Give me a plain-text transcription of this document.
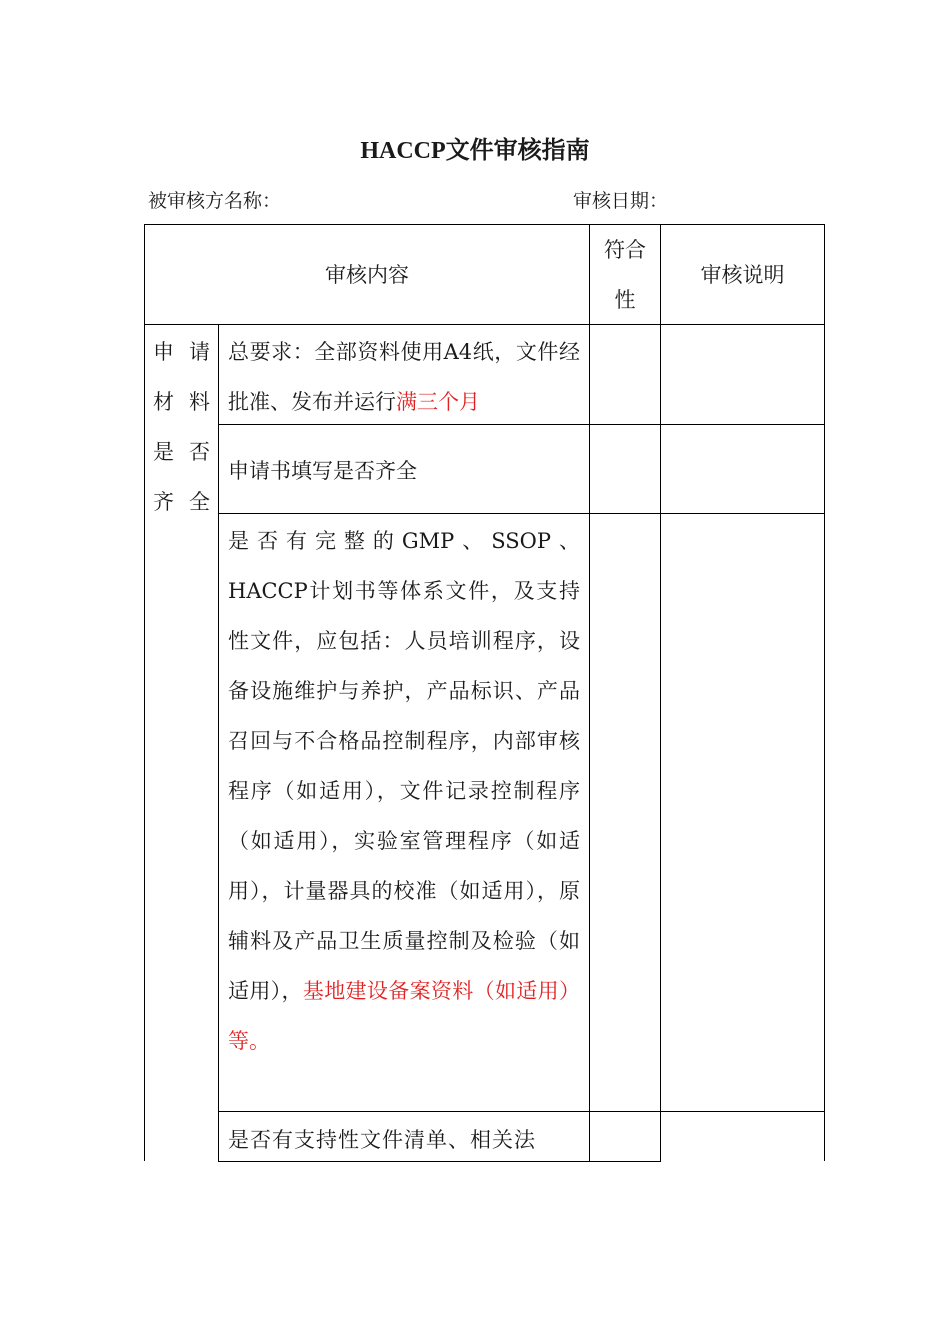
HACCP文件审核指南
被审核方名称：	审核日期：
审核内容
符合性
审核说明
申请材料是否齐全
总要求：全部资料使用A4纸，文件经批准、发布并运行满三个月
申请书填写是否齐全
是否有完整的GMP、SSOP、HACCP计划书等体系文件，及支持性文件，应包括：人员培训程序，设备设施维护与养护，产品标识、产品召回与不合格品控制程序，内部审核程序（如适用），文件记录控制程序（如适用），实验室管理程序（如适用），计量器具的校准（如适用），原辅料及产品卫生质量控制及检验（如适用），基地建设备案资料（如适用）等。
是否有支持性文件清单、相关法
